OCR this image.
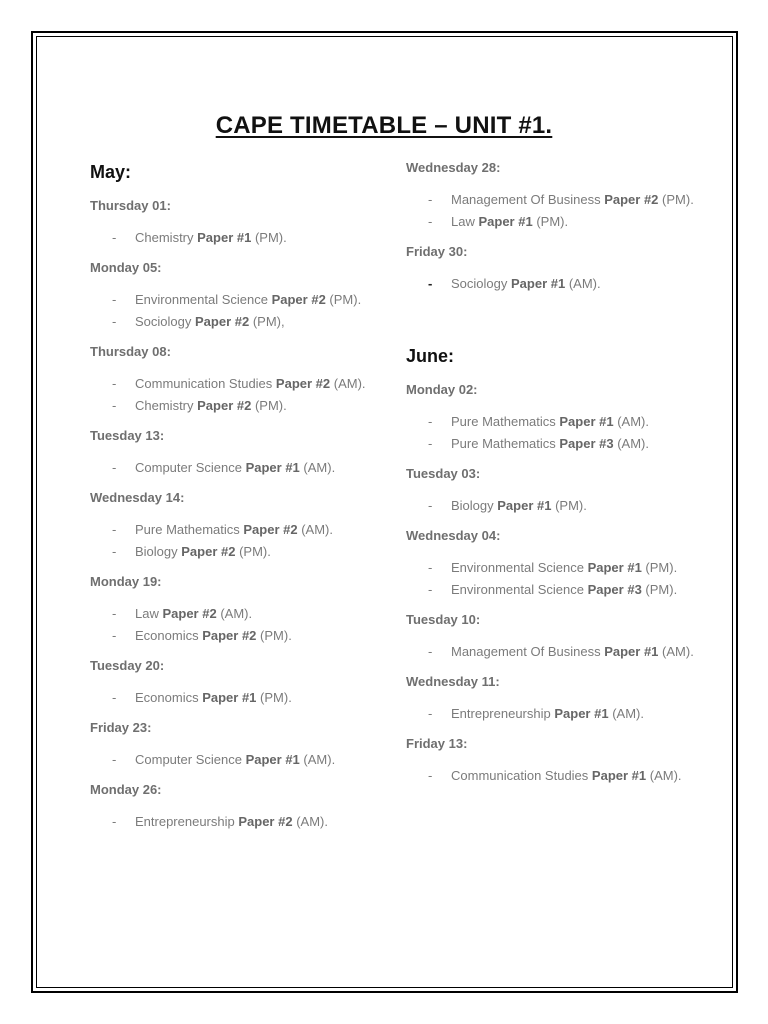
CAPE TIMETABLE – UNIT #1.
May:
Thursday 01:
- Chemistry Paper #1 (PM).
Monday 05:
- Environmental Science Paper #2 (PM).
- Sociology Paper #2 (PM),
Thursday 08:
- Communication Studies Paper #2 (AM).
- Chemistry Paper #2 (PM).
Tuesday 13:
- Computer Science Paper #1 (AM).
Wednesday 14:
- Pure Mathematics Paper #2 (AM).
- Biology Paper #2 (PM).
Monday 19:
- Law Paper #2 (AM).
- Economics Paper #2 (PM).
Tuesday 20:
- Economics Paper #1 (PM).
Friday 23:
- Computer Science Paper #1 (AM).
Monday 26:
- Entrepreneurship Paper #2 (AM).
Wednesday 28:
- Management Of Business Paper #2 (PM).
- Law Paper #1 (PM).
Friday 30:
- Sociology Paper #1 (AM).
June:
Monday 02:
- Pure Mathematics Paper #1 (AM).
- Pure Mathematics Paper #3 (AM).
Tuesday 03:
- Biology Paper #1 (PM).
Wednesday 04:
- Environmental Science Paper #1 (PM).
- Environmental Science Paper #3 (PM).
Tuesday 10:
- Management Of Business Paper #1 (AM).
Wednesday 11:
- Entrepreneurship Paper #1 (AM).
Friday 13:
- Communication Studies Paper #1 (AM).
